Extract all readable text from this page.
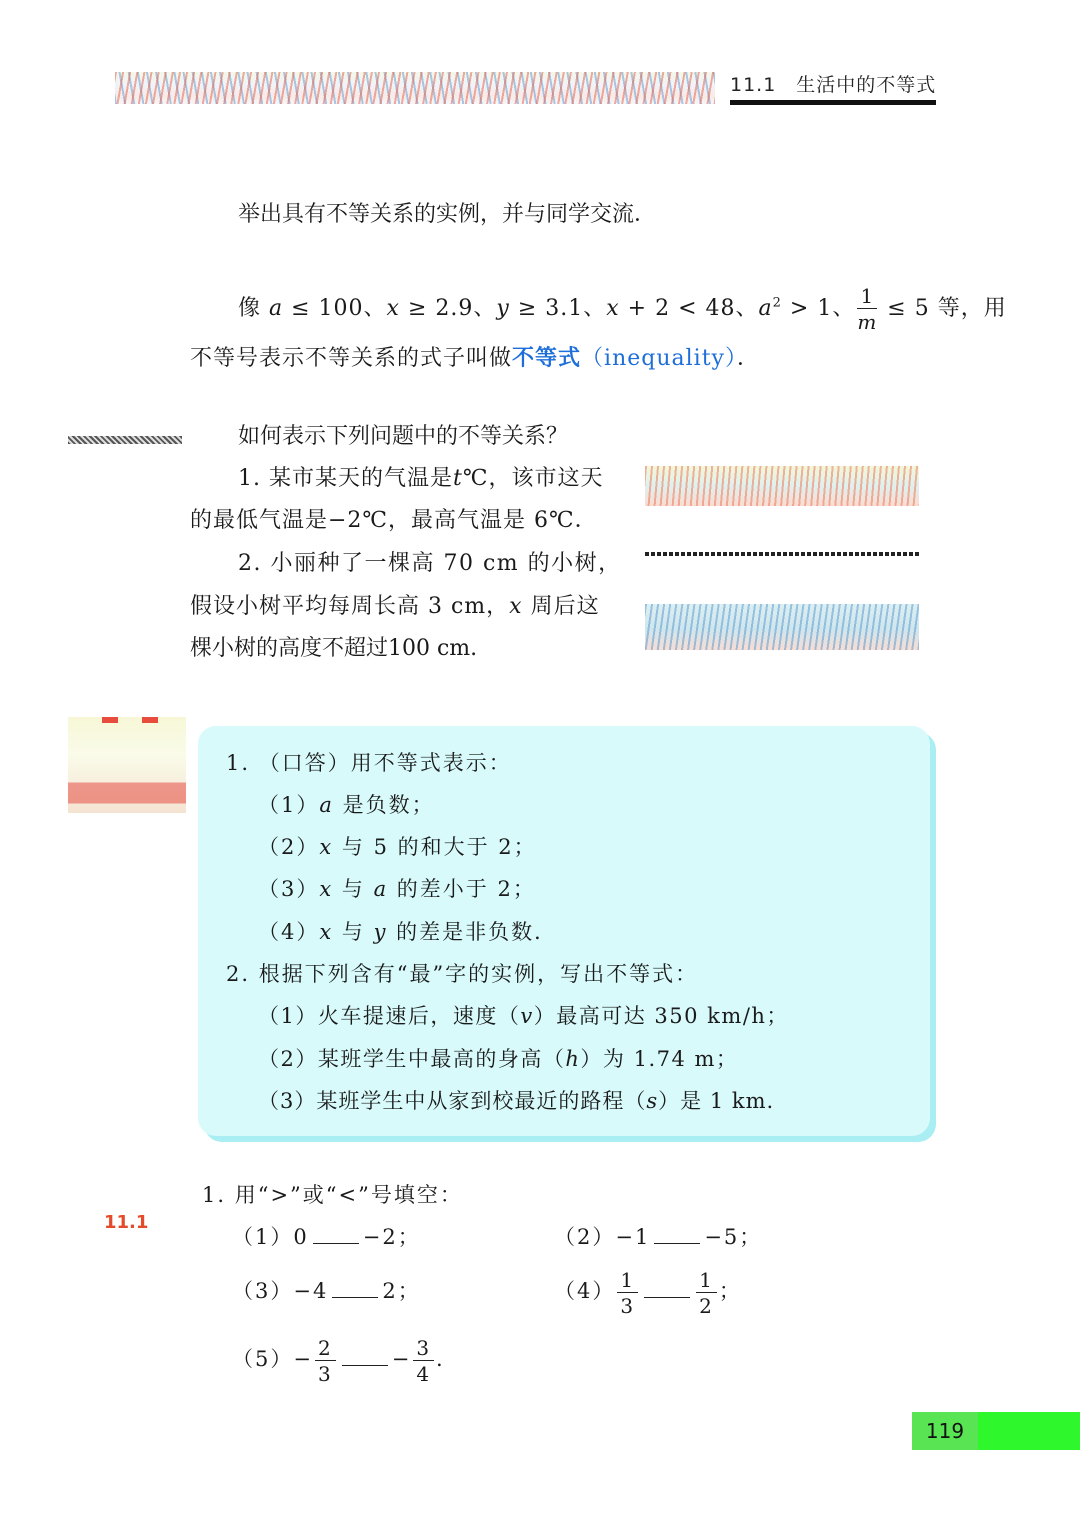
11.1　生活中的不等式
举出具有不等关系的实例，并与同学交流．
像 a ≤ 100、x ≥ 2.9、y ≥ 3.1、x + 2 < 48、$a^2 > 1$、 $\frac{1}{m} \le 5$ 等，用
不等号表示不等关系的式子叫做不等式（inequality）．
如何表示下列问题中的不等关系？
1. 某市某天的气温是t℃，该市这天
的最低气温是−2℃，最高气温是 6℃．
2. 小丽种了一棵高 70 cm 的小树，
假设小树平均每周长高 3 cm，x 周后这
棵小树的高度不超过100 cm.
1. （口答）用不等式表示：
（1）a 是负数；
（2）x 与 5 的和大于 2；
（3）x 与 a 的差小于 2；
（4）x 与 y 的差是非负数．
2. 根据下列含有“最”字的实例，写出不等式：
（1）火车提速后，速度（v）最高可达 350 km/h；
（2）某班学生中最高的身高（h）为 1.74 m；
（3）某班学生中从家到校最近的路程（s）是 1 km.
11.1
1. 用“>”或“<”号填空：
（1）0	−2；	（2）−1	−5；
（3）−4	2；	$(4) \frac{1}{3}$	$\frac{1}{2}$ ；
$(5)- \frac{2}{3}$	− $\frac{3}{4}$ .
119
